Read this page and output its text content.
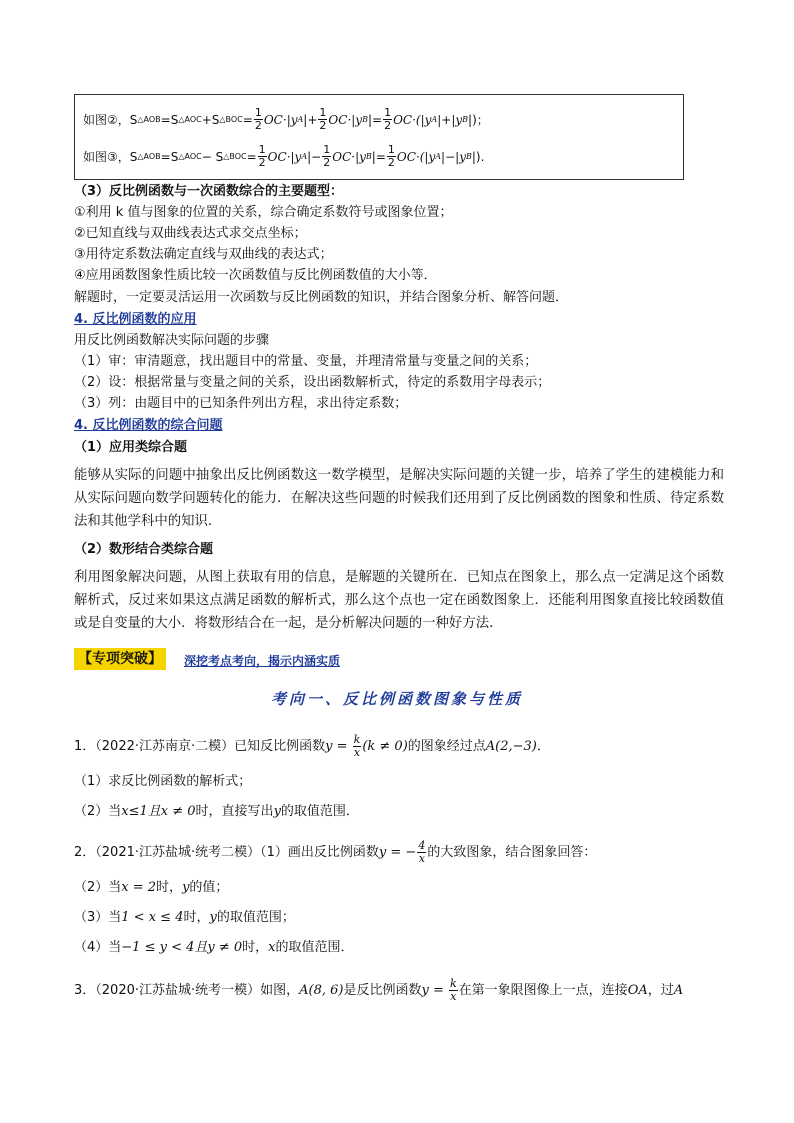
如图②，S △AOB =S △AOC +S △BOC = $\frac{1}{2}$ OC ·|y A | + $\frac{1}{2}$ OC ·|y B | = $\frac{1}{2}$ OC ·(|y A |+|y B |)；
如图③，S △AOB =S △AOC − S △BOC = $\frac{1}{2}$ OC ·|y A | − $\frac{1}{2}$ OC ·|y B | = $\frac{1}{2}$ OC ·(|y A |−|y B |).
（3）反比例函数与一次函数综合的主要题型：
①利用 k 值与图象的位置的关系，综合确定系数符号或图象位置；
②已知直线与双曲线表达式求交点坐标；
③用待定系数法确定直线与双曲线的表达式；
④应用函数图象性质比较一次函数值与反比例函数值的大小等．
解题时，一定要灵活运用一次函数与反比例函数的知识，并结合图象分析、解答问题．
4. 反比例函数的应用
用反比例函数解决实际问题的步骤
（1）审：审清题意，找出题目中的常量、变量，并理清常量与变量之间的关系；
（2）设：根据常量与变量之间的关系，设出函数解析式，待定的系数用字母表示；
（3）列：由题目中的已知条件列出方程，求出待定系数；
4. 反比例函数的综合问题
（1）应用类综合题
能够从实际的问题中抽象出反比例函数这一数学模型，是解决实际问题的关键一步，培养了学生的建模能力和从实际问题向数学问题转化的能力．在解决这些问题的时候我们还用到了反比例函数的图象和性质、待定系数法和其他学科中的知识．
（2）数形结合类综合题
利用图象解决问题，从图上获取有用的信息，是解题的关键所在．已知点在图象上，那么点一定满足这个函数解析式，反过来如果这点满足函数的解析式，那么这个点也一定在函数图象上．还能利用图象直接比较函数值或是自变量的大小．将数形结合在一起，是分析解决问题的一种好方法．
【专项突破】	深挖考点考向，揭示内涵实质
考向一、反比例函数图象与性质
1．（2022·江苏南京·二模）已知反比例函数$y = \frac{k}{x} (k \ne 0)$的图象经过点A(2,−3)．
（1）求反比例函数的解析式；
（2）当x≤1且x ≠ 0时，直接写出y的取值范围．
2．（2021·江苏盐城·统考二模）（1）画出反比例函数y = − $\frac{4}{x}$ 的大致图象，结合图象回答：
（2）当x = 2时，y的值；
（3）当1 < x ≤ 4时，y的取值范围；
（4）当−1 ≤ y < 4且y ≠ 0时，x的取值范围．
3．（2020·江苏盐城·统考一模）如图，A(8, 6)是反比例函数$y = \frac{k}{x}$ 在第一象限图像上一点，连接OA，过A
